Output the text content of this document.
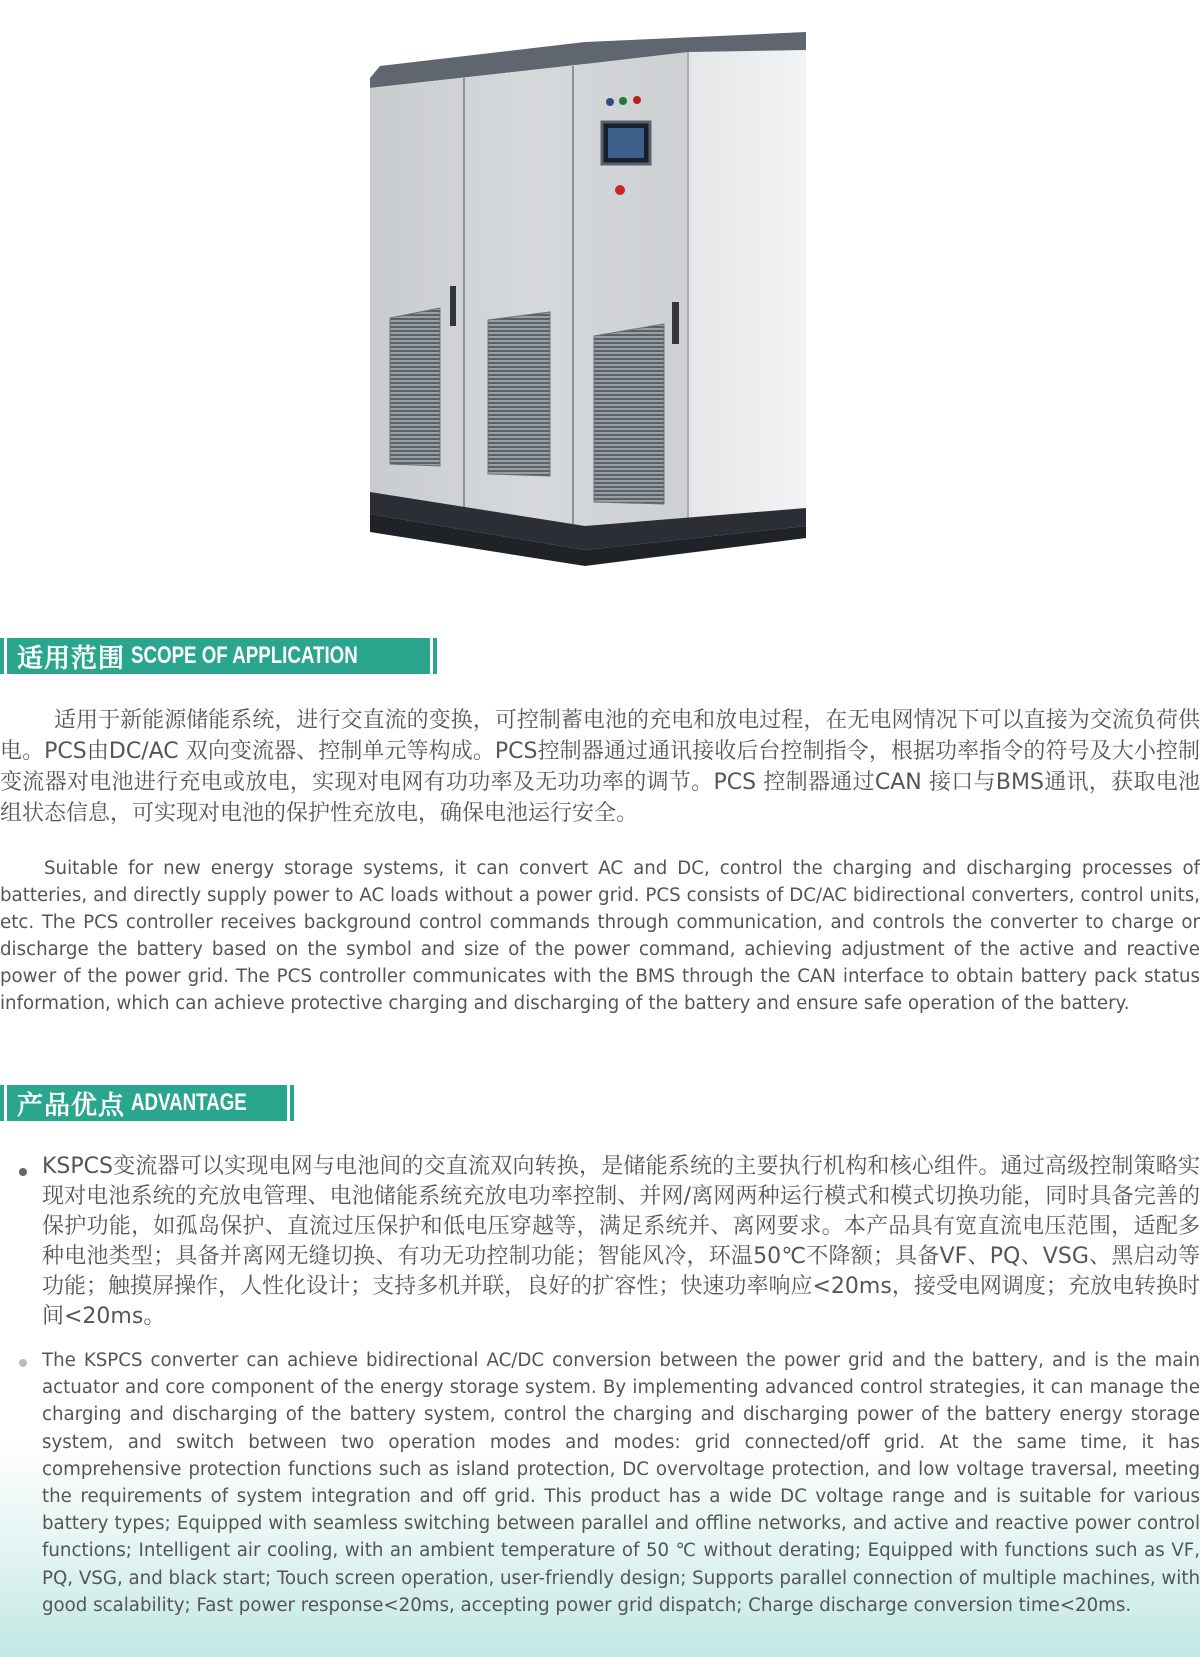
适用范围 SCOPE OF APPLICATION

适用于新能源储能系统，进行交直流的变换，可控制蓄电池的充电和放电过程，在无电网情况下可以直接为交流负荷供电。PCS由DC/AC 双向变流器、控制单元等构成。PCS控制器通过通讯接收后台控制指令，根据功率指令的符号及大小控制变流器对电池进行充电或放电，实现对电网有功功率及无功功率的调节。PCS 控制器通过CAN 接口与BMS通讯，获取电池组状态信息，可实现对电池的保护性充放电，确保电池运行安全。

Suitable for new energy storage systems, it can convert AC and DC, control the charging and discharging processes of batteries, and directly supply power to AC loads without a power grid. PCS consists of DC/AC bidirectional converters, control units, etc. The PCS controller receives background control commands through communication, and controls the converter to charge or discharge the battery based on the symbol and size of the power command, achieving adjustment of the active and reactive power of the power grid. The PCS controller communicates with the BMS through the CAN interface to obtain battery pack status information, which can achieve protective charging and discharging of the battery and ensure safe operation of the battery.

产品优点 ADVANTAGE

KSPCS变流器可以实现电网与电池间的交直流双向转换，是储能系统的主要执行机构和核心组件。通过高级控制策略实现对电池系统的充放电管理、电池储能系统充放电功率控制、并网/离网两种运行模式和模式切换功能，同时具备完善的保护功能，如孤岛保护、直流过压保护和低电压穿越等，满足系统并、离网要求。本产品具有宽直流电压范围，适配多种电池类型；具备并离网无缝切换、有功无功控制功能；智能风冷，环温50℃不降额；具备VF、PQ、VSG、黑启动等功能；触摸屏操作，人性化设计；支持多机并联，良好的扩容性；快速功率响应<20ms，接受电网调度；充放电转换时间<20ms。

The KSPCS converter can achieve bidirectional AC/DC conversion between the power grid and the battery, and is the main actuator and core component of the energy storage system. By implementing advanced control strategies, it can manage the charging and discharging of the battery system, control the charging and discharging power of the battery energy storage system, and switch between two operation modes and modes: grid connected/off grid. At the same time, it has comprehensive protection functions such as island protection, DC overvoltage protection, and low voltage traversal, meeting the requirements of system integration and off grid. This product has a wide DC voltage range and is suitable for various battery types; Equipped with seamless switching between parallel and offline networks, and active and reactive power control functions; Intelligent air cooling, with an ambient temperature of 50 ℃ without derating; Equipped with functions such as VF, PQ, VSG, and black start; Touch screen operation, user-friendly design; Supports parallel connection of multiple machines, with good scalability; Fast power response<20ms, accepting power grid dispatch; Charge discharge conversion time<20ms.
